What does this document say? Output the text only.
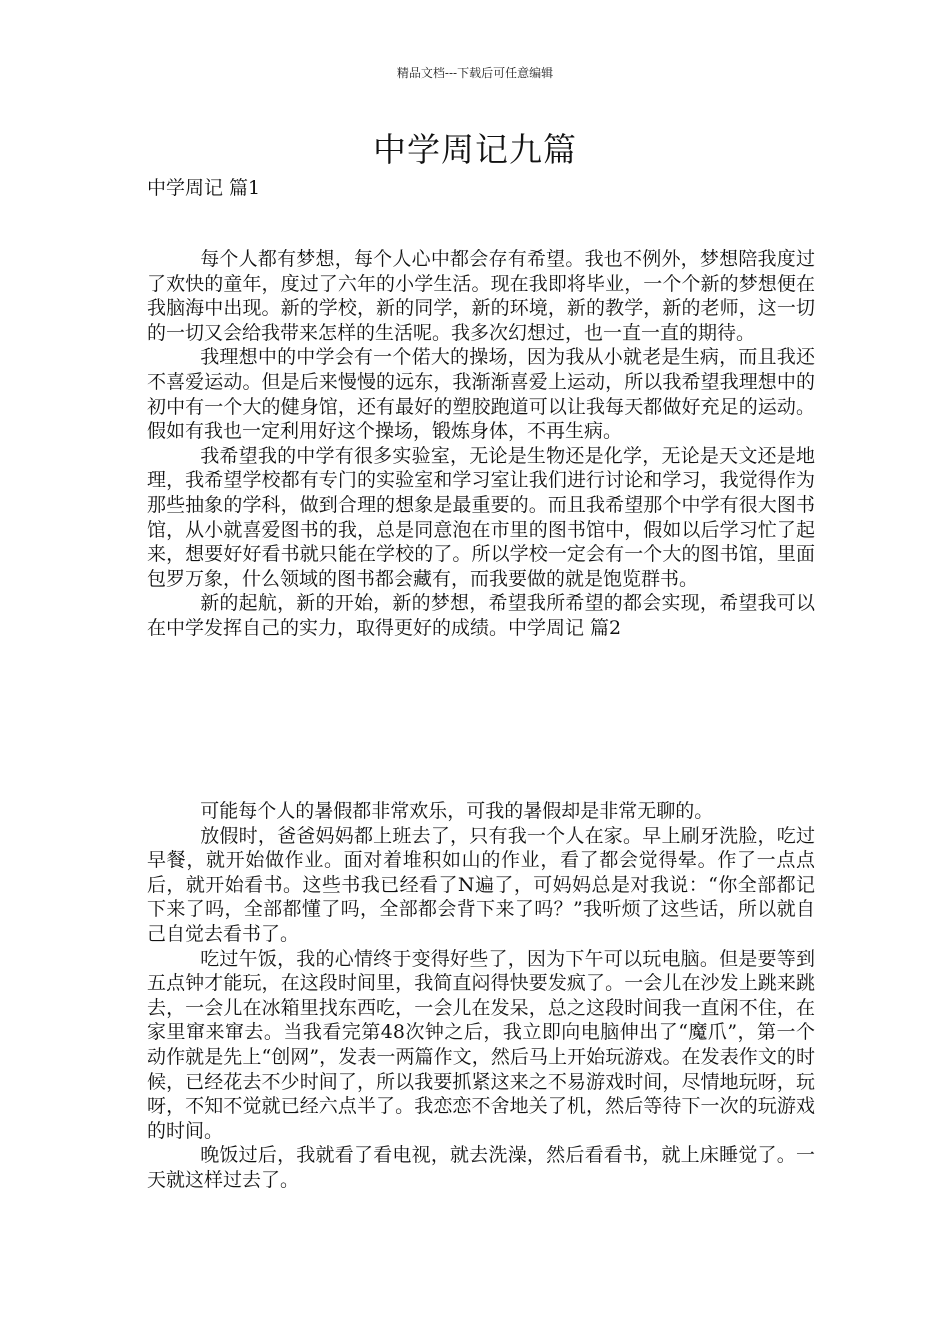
精品文档---下载后可任意编辑
中学周记九篇
中学周记 篇1

每个人都有梦想，每个人心中都会存有希望。我也不例外，梦想陪我度过了欢快的童年，度过了六年的小学生活。现在我即将毕业，一个个新的梦想便在我脑海中出现。新的学校，新的同学，新的环境，新的教学，新的老师，这一切的一切又会给我带来怎样的生活呢。我多次幻想过，也一直一直的期待。

我理想中的中学会有一个偌大的操场，因为我从小就老是生病，而且我还不喜爱运动。但是后来慢慢的远东，我渐渐喜爱上运动，所以我希望我理想中的初中有一个大的健身馆，还有最好的塑胶跑道可以让我每天都做好充足的运动。假如有我也一定利用好这个操场，锻炼身体，不再生病。

我希望我的中学有很多实验室，无论是生物还是化学，无论是天文还是地理，我希望学校都有专门的实验室和学习室让我们进行讨论和学习，我觉得作为那些抽象的学科，做到合理的想象是最重要的。而且我希望那个中学有很大图书馆，从小就喜爱图书的我，总是同意泡在市里的图书馆中，假如以后学习忙了起来，想要好好看书就只能在学校的了。所以学校一定会有一个大的图书馆，里面包罗万象，什么领域的图书都会藏有，而我要做的就是饱览群书。

新的起航，新的开始，新的梦想，希望我所希望的都会实现，希望我可以在中学发挥自己的实力，取得更好的成绩。中学周记 篇2

可能每个人的暑假都非常欢乐，可我的暑假却是非常无聊的。

放假时，爸爸妈妈都上班去了，只有我一个人在家。早上刷牙洗脸，吃过早餐，就开始做作业。面对着堆积如山的作业，看了都会觉得晕。作了一点点后，就开始看书。这些书我已经看了N遍了，可妈妈总是对我说：“你全部都记下来了吗，全部都懂了吗，全部都会背下来了吗？”我听烦了这些话，所以就自己自觉去看书了。

吃过午饭，我的心情终于变得好些了，因为下午可以玩电脑。但是要等到五点钟才能玩，在这段时间里，我简直闷得快要发疯了。一会儿在沙发上跳来跳去，一会儿在冰箱里找东西吃，一会儿在发呆，总之这段时间我一直闲不住，在家里窜来窜去。当我看完第48次钟之后，我立即向电脑伸出了“魔爪”，第一个动作就是先上“创网”，发表一两篇作文，然后马上开始玩游戏。在发表作文的时候，已经花去不少时间了，所以我要抓紧这来之不易游戏时间，尽情地玩呀，玩呀，不知不觉就已经六点半了。我恋恋不舍地关了机，然后等待下一次的玩游戏的时间。

晚饭过后，我就看了看电视，就去洗澡，然后看看书，就上床睡觉了。一天就这样过去了。
